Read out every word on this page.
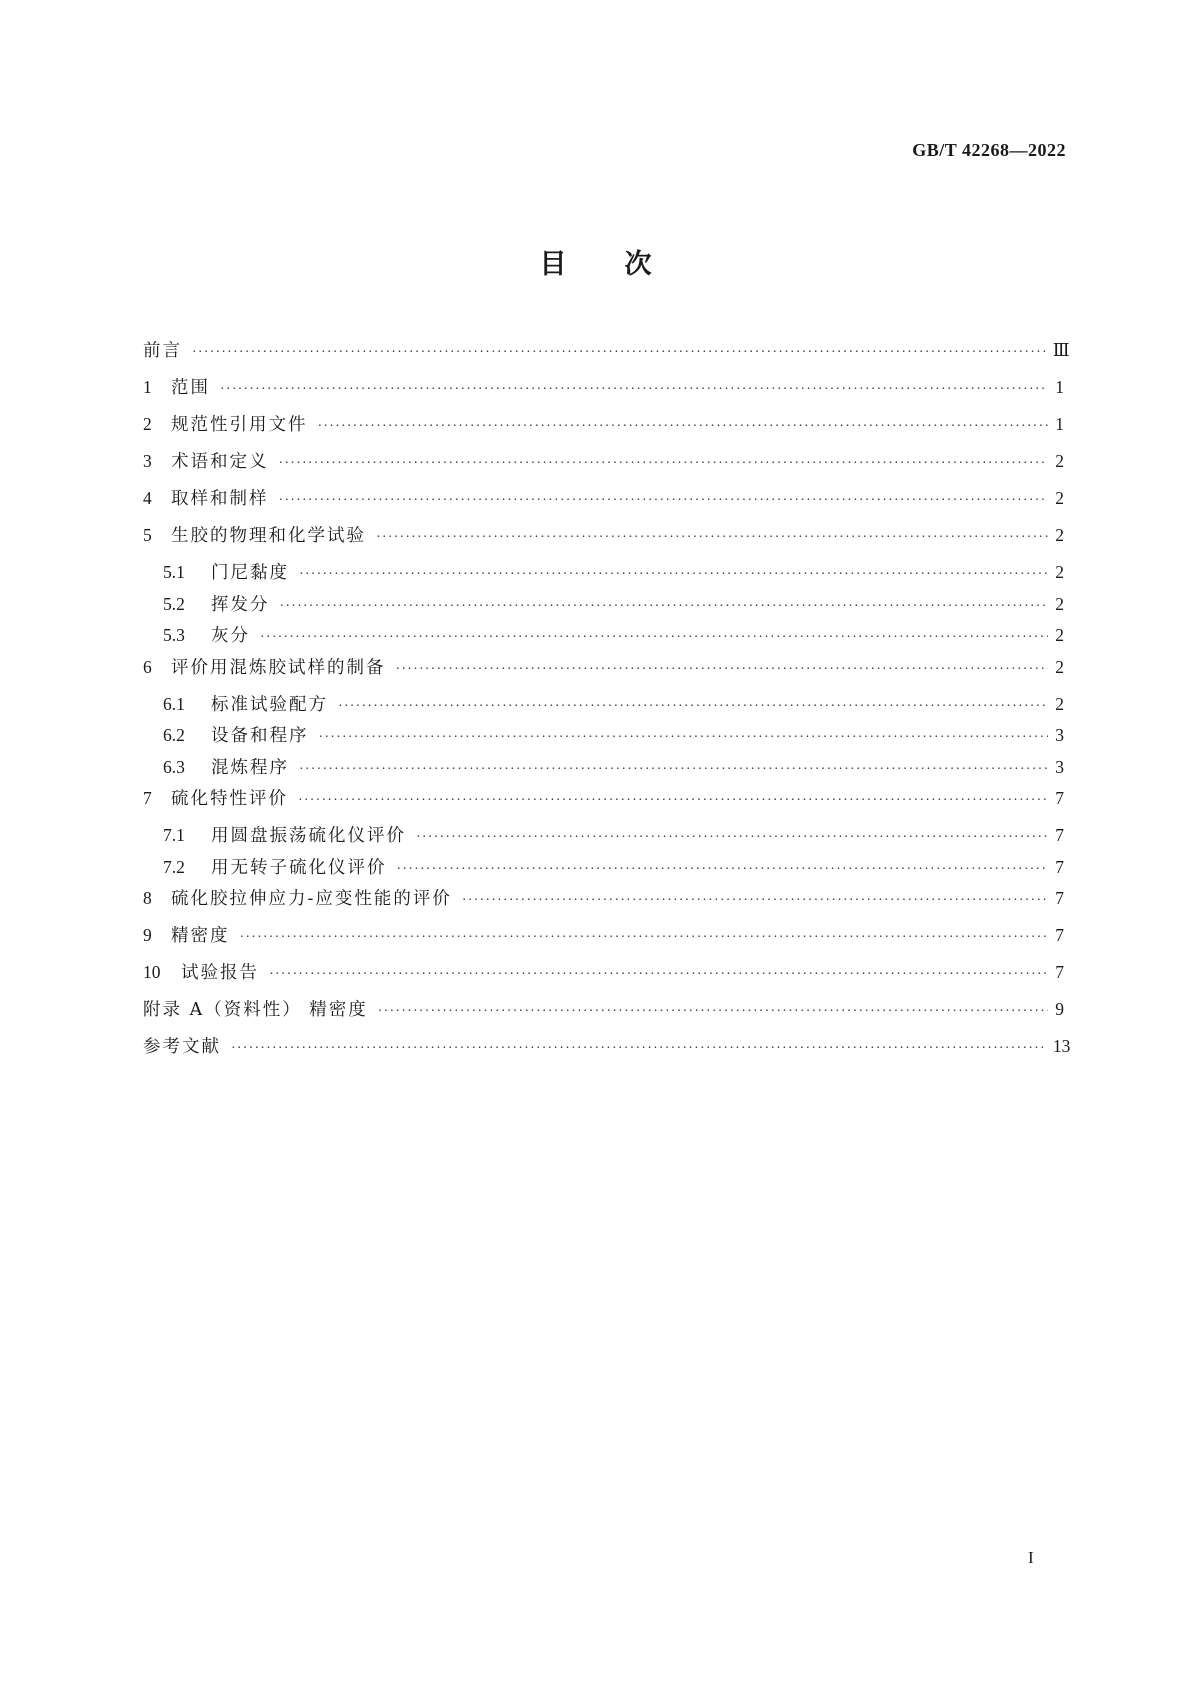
GB/T 42268—2022
目次
前言 ·····	Ⅲ
1	范围 ·····	1
2	规范性引用文件 ·····	1
3	术语和定义 ·····	2
4	取样和制样 ·····	2
5	生胶的物理和化学试验 ·····	2
5.1	门尼黏度 ·····	2
5.2	挥发分 ·····	2
5.3	灰分 ·····	2
6	评价用混炼胶试样的制备 ·····	2
6.1	标准试验配方 ·····	2
6.2	设备和程序 ·····	3
6.3	混炼程序 ·····	3
7	硫化特性评价 ·····	7
7.1	用圆盘振荡硫化仪评价 ·····	7
7.2	用无转子硫化仪评价 ·····	7
8	硫化胶拉伸应力-应变性能的评价 ·····	7
9	精密度 ·····	7
10	试验报告 ·····	7
附录 A（资料性） 精密度 ·····	9
参考文献 ·····	13
I
